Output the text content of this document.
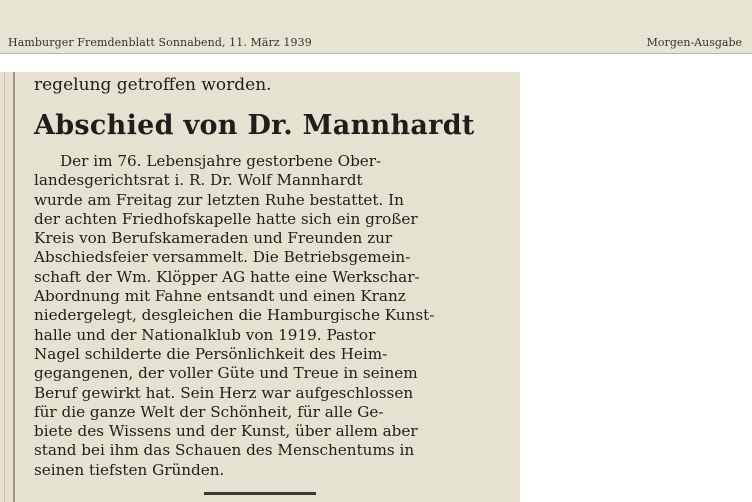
Hamburger Fremdenblatt Sonnabend, 11. März 1939	Morgen-Ausgabe
regelung getroffen worden.
Abschied von Dr. Mannhardt
Der im 76. Lebensjahre gestorbene Ober-
landesgerichtsrat i. R. Dr. Wolf Mannhardt
wurde am Freitag zur letzten Ruhe bestattet. In
der achten Friedhofskapelle hatte sich ein großer
Kreis von Berufskameraden und Freunden zur
Abschiedsfeier versammelt. Die Betriebsgemein-
schaft der Wm. Klöpper AG hatte eine Werkschar-
Abordnung mit Fahne entsandt und einen Kranz
niedergelegt, desgleichen die Hamburgische Kunst-
halle und der Nationalklub von 1919. Pastor
Nagel schilderte die Persönlichkeit des Heim-
gegangenen, der voller Güte und Treue in seinem
Beruf gewirkt hat. Sein Herz war aufgeschlossen
für die ganze Welt der Schönheit, für alle Ge-
biete des Wissens und der Kunst, über allem aber
stand bei ihm das Schauen des Menschentums in
seinen tiefsten Gründen.
